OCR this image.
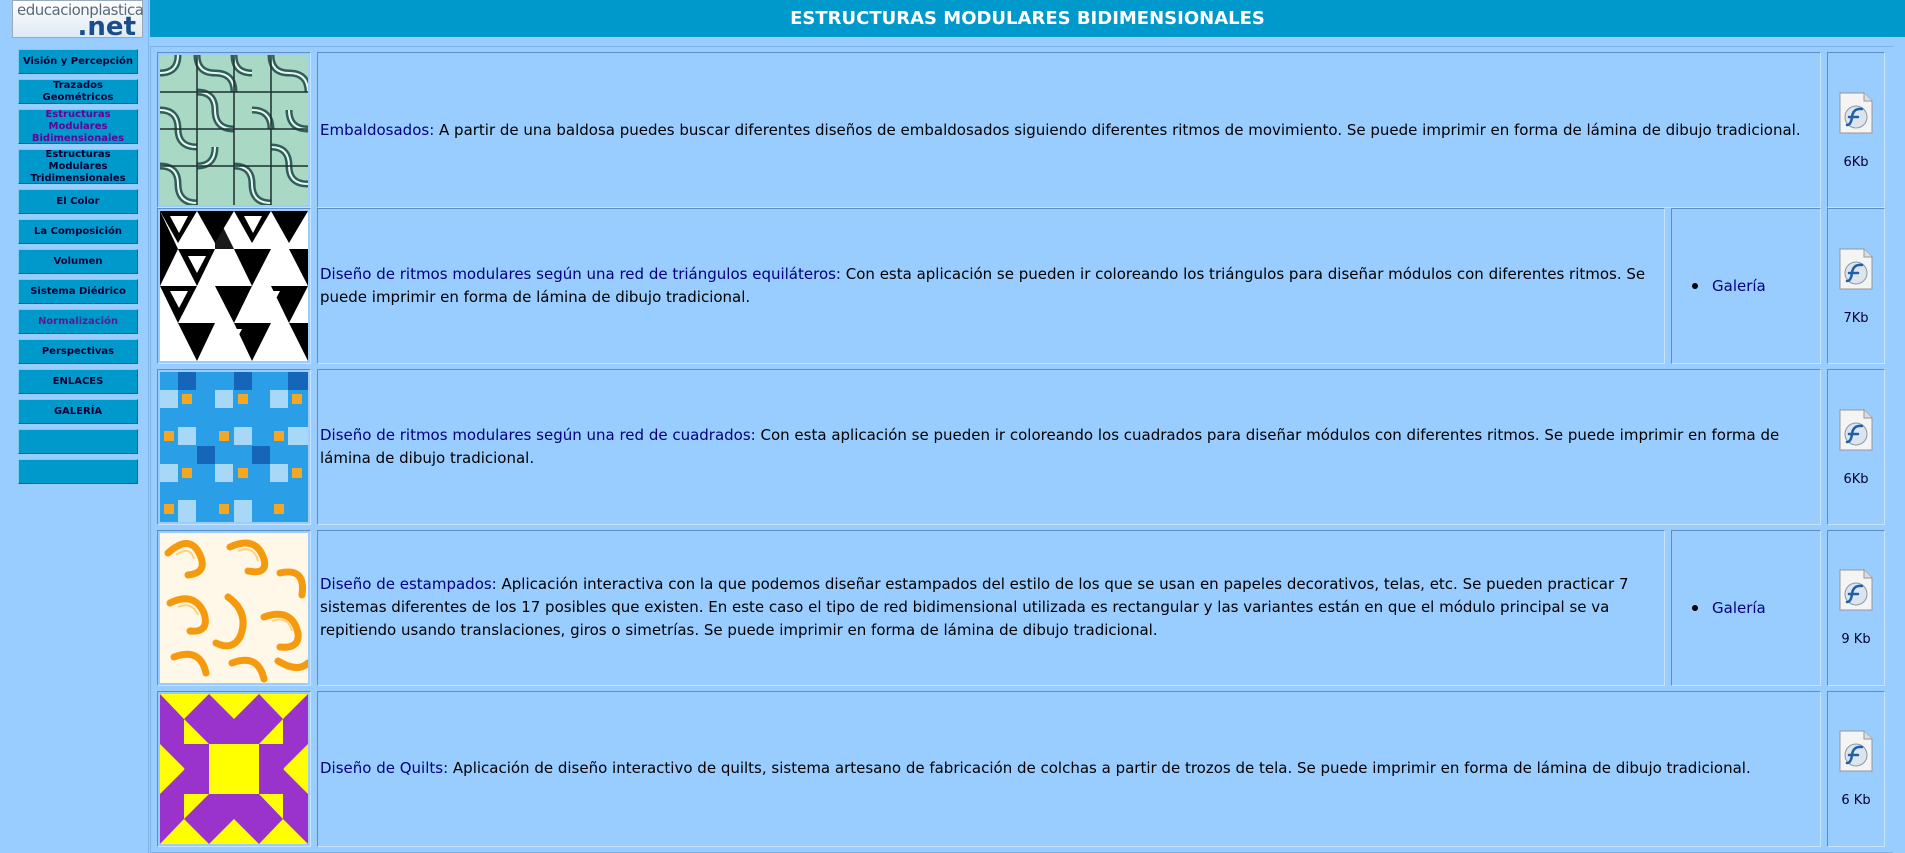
educacionplastica
.net
Visión y Percepción
Trazados Geométricos
Estructuras Modulares Bidimensionales
Estructuras Modulares Tridimensionales
El Color
La Composición
Volumen
Sistema Diédrico
Normalización
Perspectivas
ENLACES
GALERÍA
ESTRUCTURAS MODULARES BIDIMENSIONALES
Embaldosados: A partir de una baldosa puedes buscar diferentes diseños de embaldosados siguiendo diferentes ritmos de movimiento. Se puede imprimir en forma de lámina de dibujo tradicional.
6Kb
Diseño de ritmos modulares según una red de triángulos equiláteros: Con esta aplicación se pueden ir coloreando los triángulos para diseñar módulos con diferentes ritmos. Se puede imprimir en forma de lámina de dibujo tradicional.
Galería
7Kb
Diseño de ritmos modulares según una red de cuadrados: Con esta aplicación se pueden ir coloreando los cuadrados para diseñar módulos con diferentes ritmos. Se puede imprimir en forma de lámina de dibujo tradicional.
6Kb
Diseño de estampados: Aplicación interactiva con la que podemos diseñar estampados del estilo de los que se usan en papeles decorativos, telas, etc. Se pueden practicar 7 sistemas diferentes de los 17 posibles que existen. En este caso el tipo de red bidimensional utilizada es rectangular y las variantes están en que el módulo principal se va repitiendo usando translaciones, giros o simetrías. Se puede imprimir en forma de lámina de dibujo tradicional.
Galería
9 Kb
Diseño de Quilts: Aplicación de diseño interactivo de quilts, sistema artesano de fabricación de colchas a partir de trozos de tela. Se puede imprimir en forma de lámina de dibujo tradicional.
6 Kb
